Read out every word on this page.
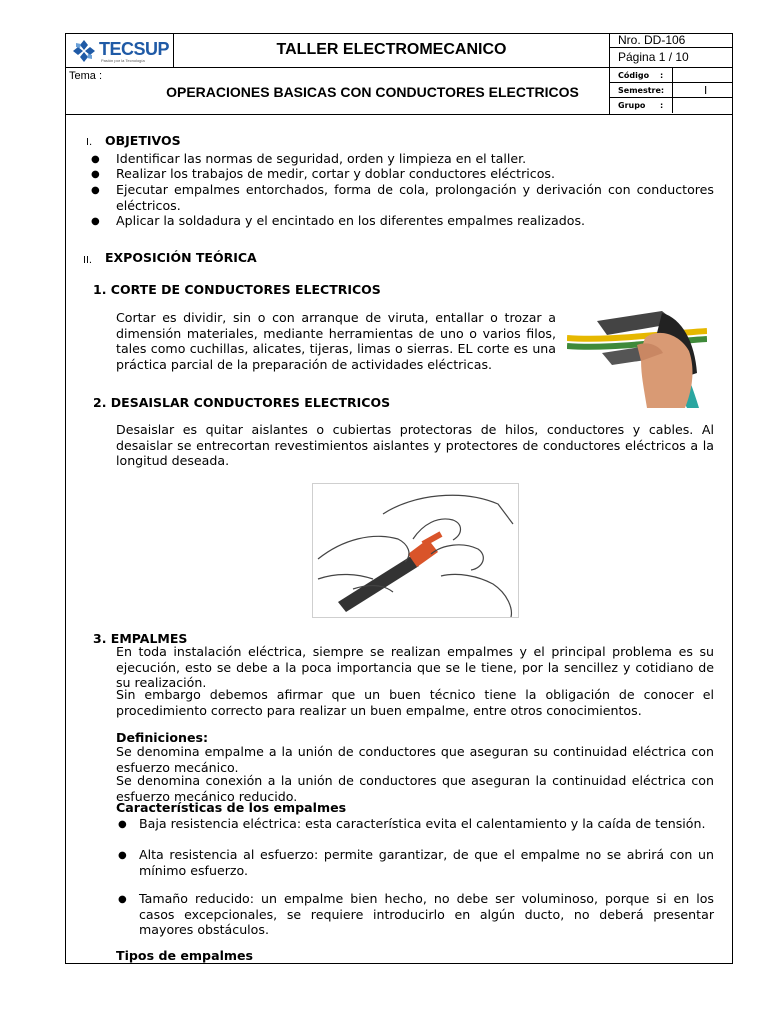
TECSUP
Pasión por la Tecnología
TALLER ELECTROMECANICO
Nro. DD-106
Página 1 / 10
Tema :
OPERACIONES BASICAS CON CONDUCTORES ELECTRICOS
Código :
Semestre:	I
Grupo :
I. OBJETIVOS
● Identificar las normas de seguridad, orden y limpieza en el taller.
● Realizar los trabajos de medir, cortar y doblar conductores eléctricos.
● Ejecutar empalmes entorchados, forma de cola, prolongación y derivación con conductores eléctricos.
● Aplicar la soldadura y el encintado en los diferentes empalmes realizados.
II. EXPOSICIÓN TEÓRICA
1. CORTE DE CONDUCTORES ELECTRICOS
Cortar es dividir, sin o con arranque de viruta, entallar o trozar a dimensión materiales, mediante herramientas de uno o varios filos, tales como cuchillas, alicates, tijeras, limas o sierras. EL corte es una práctica parcial de la preparación de actividades eléctricas.
2. DESAISLAR CONDUCTORES ELECTRICOS
Desaislar es quitar aislantes o cubiertas protectoras de hilos, conductores y cables. Al desaislar se entrecortan revestimientos aislantes y protectores de conductores eléctricos a la longitud deseada.
3. EMPALMES
En toda instalación eléctrica, siempre se realizan empalmes y el principal problema es su ejecución, esto se debe a la poca importancia que se le tiene, por la sencillez y cotidiano de su realización.
Sin embargo debemos afirmar que un buen técnico tiene la obligación de conocer el procedimiento correcto para realizar un buen empalme, entre otros conocimientos.
Definiciones:
Se denomina empalme a la unión de conductores que aseguran su continuidad eléctrica con esfuerzo mecánico.
Se denomina conexión a la unión de conductores que aseguran la continuidad eléctrica con esfuerzo mecánico reducido.
Características de los empalmes
● Baja resistencia eléctrica: esta característica evita el calentamiento y la caída de tensión.
● Alta resistencia al esfuerzo: permite garantizar, de que el empalme no se abrirá con un mínimo esfuerzo.
● Tamaño reducido: un empalme bien hecho, no debe ser voluminoso, porque si en los casos excepcionales, se requiere introducirlo en algún ducto, no deberá presentar mayores obstáculos.
Tipos de empalmes
